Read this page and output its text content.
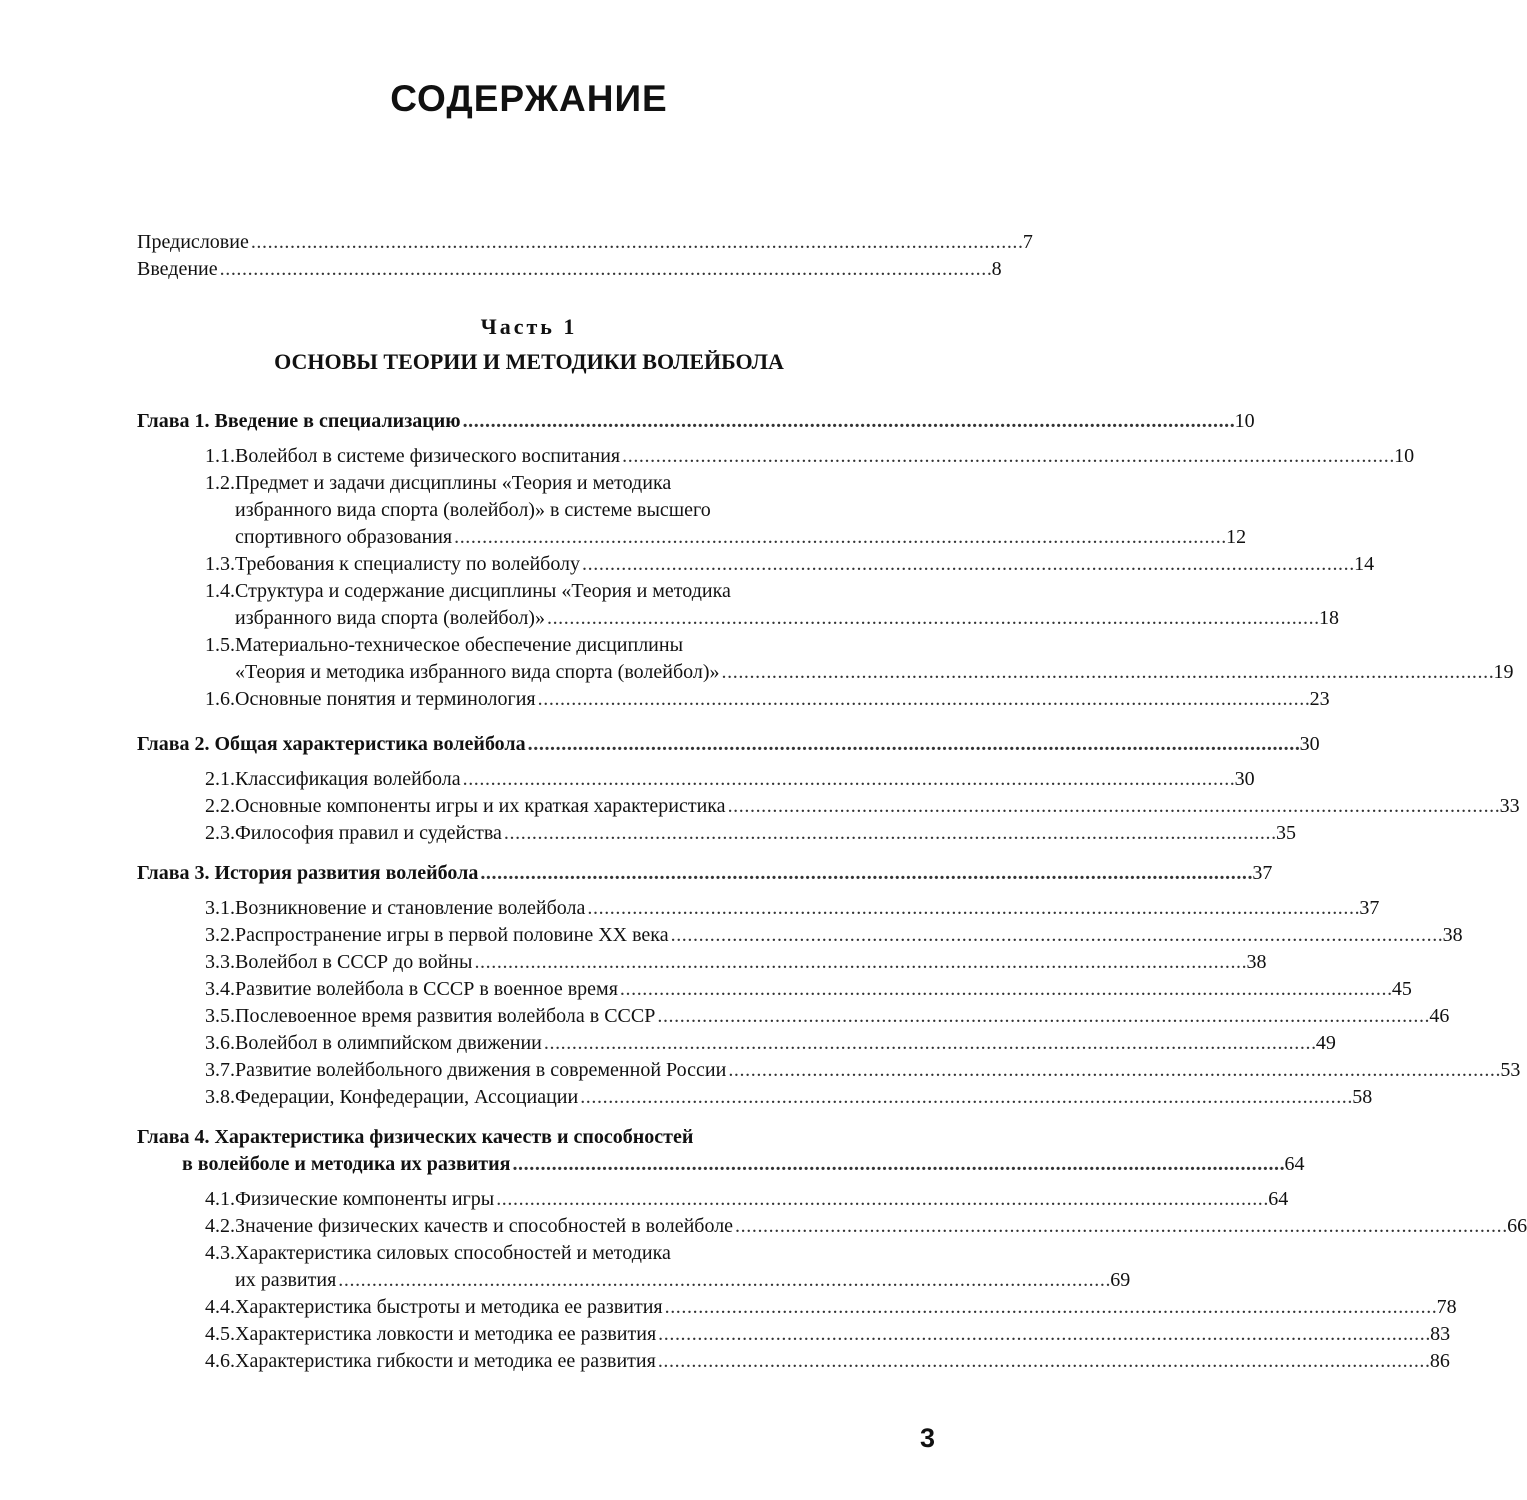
СОДЕРЖАНИЕ
Предисловие . . .	7
Введение . . .	8
Часть 1
ОСНОВЫ ТЕОРИИ И МЕТОДИКИ ВОЛЕЙБОЛА
Глава 1. Введение в специализацию . . .	10
1.1. Волейбол в системе физического воспитания . . .	10
1.2. Предмет и задачи дисциплины «Теория и методика
избранного вида спорта (волейбол)» в системе высшего
спортивного образования . . .	12
1.3. Требования к специалисту по волейболу . . .	14
1.4. Структура и содержание дисциплины «Теория и методика
избранного вида спорта (волейбол)» . . .	18
1.5. Материально-техническое обеспечение дисциплины
«Теория и методика избранного вида спорта (волейбол)» . . .	19
1.6. Основные понятия и терминология . . .	23
Глава 2. Общая характеристика волейбола . . .	30
2.1. Классификация волейбола . . .	30
2.2. Основные компоненты игры и их краткая характеристика . . .	33
2.3. Философия правил и судейства . . .	35
Глава 3. История развития волейбола . . .	37
3.1. Возникновение и становление волейбола . . .	37
3.2. Распространение игры в первой половине XX века . . .	38
3.3. Волейбол в СССР до войны . . .	38
3.4. Развитие волейбола в СССР в военное время . . .	45
3.5. Послевоенное время развития волейбола в СССР . . .	46
3.6. Волейбол в олимпийском движении . . .	49
3.7. Развитие волейбольного движения в современной России . . .	53
3.8. Федерации, Конфедерации, Ассоциации . . .	58
Глава 4. Характеристика физических качеств и способностей
в волейболе и методика их развития . . .	64
4.1. Физические компоненты игры . . .	64
4.2. Значение физических качеств и способностей в волейболе . . .	66
4.3. Характеристика силовых способностей и методика
их развития . . .	69
4.4. Характеристика быстроты и методика ее развития . . .	78
4.5. Характеристика ловкости и методика ее развития . . .	83
4.6. Характеристика гибкости и методика ее развития . . .	86
3
